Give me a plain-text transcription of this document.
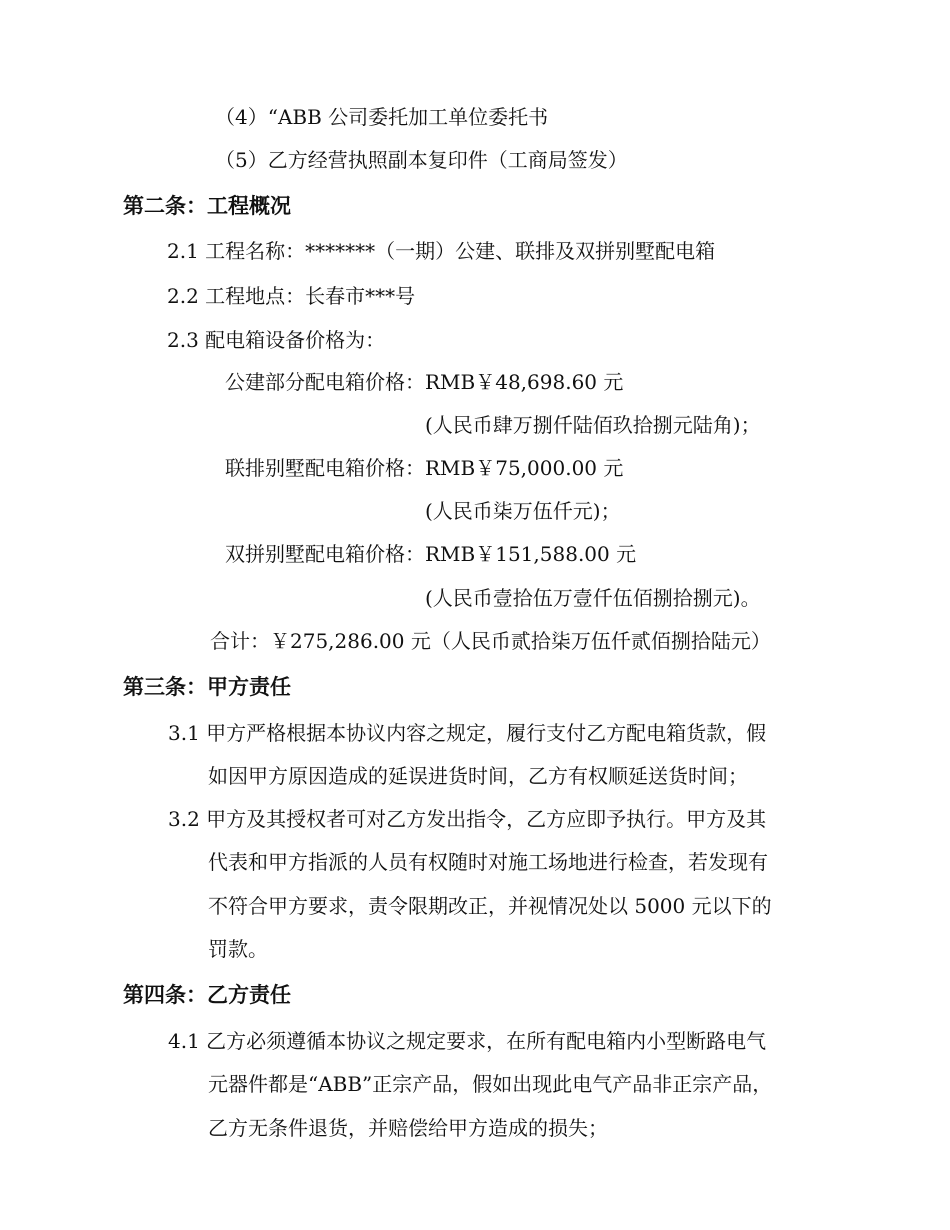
（4）“ABB 公司委托加工单位委托书
（5）乙方经营执照副本复印件（工商局签发）
第二条：工程概况
2.1 工程名称：*******（一期）公建、联排及双拼别墅配电箱
2.2 工程地点：长春市***号
2.3 配电箱设备价格为：
公建部分配电箱价格：RMB￥48,698.60 元
(人民币肆万捌仟陆佰玖拾捌元陆角)；
联排别墅配电箱价格：RMB￥75,000.00 元
(人民币柒万伍仟元)；
双拼别墅配电箱价格：RMB￥151,588.00 元
(人民币壹拾伍万壹仟伍佰捌拾捌元)。
合计：￥275,286.00 元（人民币贰拾柒万伍仟贰佰捌拾陆元）
第三条：甲方责任
3.1 甲方严格根据本协议内容之规定，履行支付乙方配电箱货款，假
如因甲方原因造成的延误进货时间，乙方有权顺延送货时间；
3.2 甲方及其授权者可对乙方发出指令，乙方应即予执行。甲方及其
代表和甲方指派的人员有权随时对施工场地进行检查，若发现有
不符合甲方要求，责令限期改正，并视情况处以 5000 元以下的
罚款。
第四条：乙方责任
4.1 乙方必须遵循本协议之规定要求，在所有配电箱内小型断路电气
元器件都是“ABB”正宗产品，假如出现此电气产品非正宗产品，
乙方无条件退货，并赔偿给甲方造成的损失；
